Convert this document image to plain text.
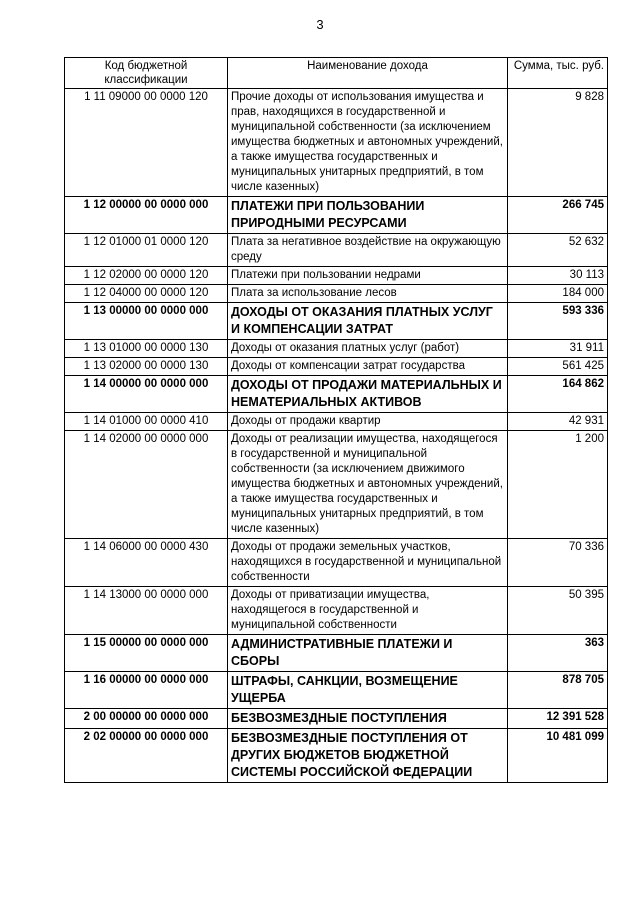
3
Код бюджетной классификации	Наименование дохода	Сумма, тыс. руб.
1 11 09000 00 0000 120	Прочие доходы от использования имущества и прав, находящихся в государственной и муниципальной собственности (за исключением имущества бюджетных и автономных учреждений, а также имущества государственных и муниципальных унитарных предприятий, в том числе казенных)	9 828
1 12 00000 00 0000 000	ПЛАТЕЖИ ПРИ ПОЛЬЗОВАНИИ ПРИРОДНЫМИ РЕСУРСАМИ	266 745
1 12 01000 01 0000 120	Плата за негативное воздействие на окружающую среду	52 632
1 12 02000 00 0000 120	Платежи при пользовании недрами	30 113
1 12 04000 00 0000 120	Плата за использование лесов	184 000
1 13 00000 00 0000 000	ДОХОДЫ ОТ ОКАЗАНИЯ ПЛАТНЫХ УСЛУГ И КОМПЕНСАЦИИ ЗАТРАТ	593 336
1 13 01000 00 0000 130	Доходы от оказания платных услуг (работ)	31 911
1 13 02000 00 0000 130	Доходы от компенсации затрат государства	561 425
1 14 00000 00 0000 000	ДОХОДЫ ОТ ПРОДАЖИ МАТЕРИАЛЬНЫХ И НЕМАТЕРИАЛЬНЫХ АКТИВОВ	164 862
1 14 01000 00 0000 410	Доходы от продажи квартир	42 931
1 14 02000 00 0000 000	Доходы от реализации имущества, находящегося в государственной и муниципальной собственности (за исключением движимого имущества бюджетных и автономных учреждений, а также имущества государственных и муниципальных унитарных предприятий, в том числе казенных)	1 200
1 14 06000 00 0000 430	Доходы от продажи земельных участков, находящихся в государственной и муниципальной собственности	70 336
1 14 13000 00 0000 000	Доходы от приватизации имущества, находящегося в государственной и муниципальной собственности	50 395
1 15 00000 00 0000 000	АДМИНИСТРАТИВНЫЕ ПЛАТЕЖИ И СБОРЫ	363
1 16 00000 00 0000 000	ШТРАФЫ, САНКЦИИ, ВОЗМЕЩЕНИЕ УЩЕРБА	878 705
2 00 00000 00 0000 000	БЕЗВОЗМЕЗДНЫЕ ПОСТУПЛЕНИЯ	12 391 528
2 02 00000 00 0000 000	БЕЗВОЗМЕЗДНЫЕ ПОСТУПЛЕНИЯ ОТ ДРУГИХ БЮДЖЕТОВ БЮДЖЕТНОЙ СИСТЕМЫ РОССИЙСКОЙ ФЕДЕРАЦИИ	10 481 099
